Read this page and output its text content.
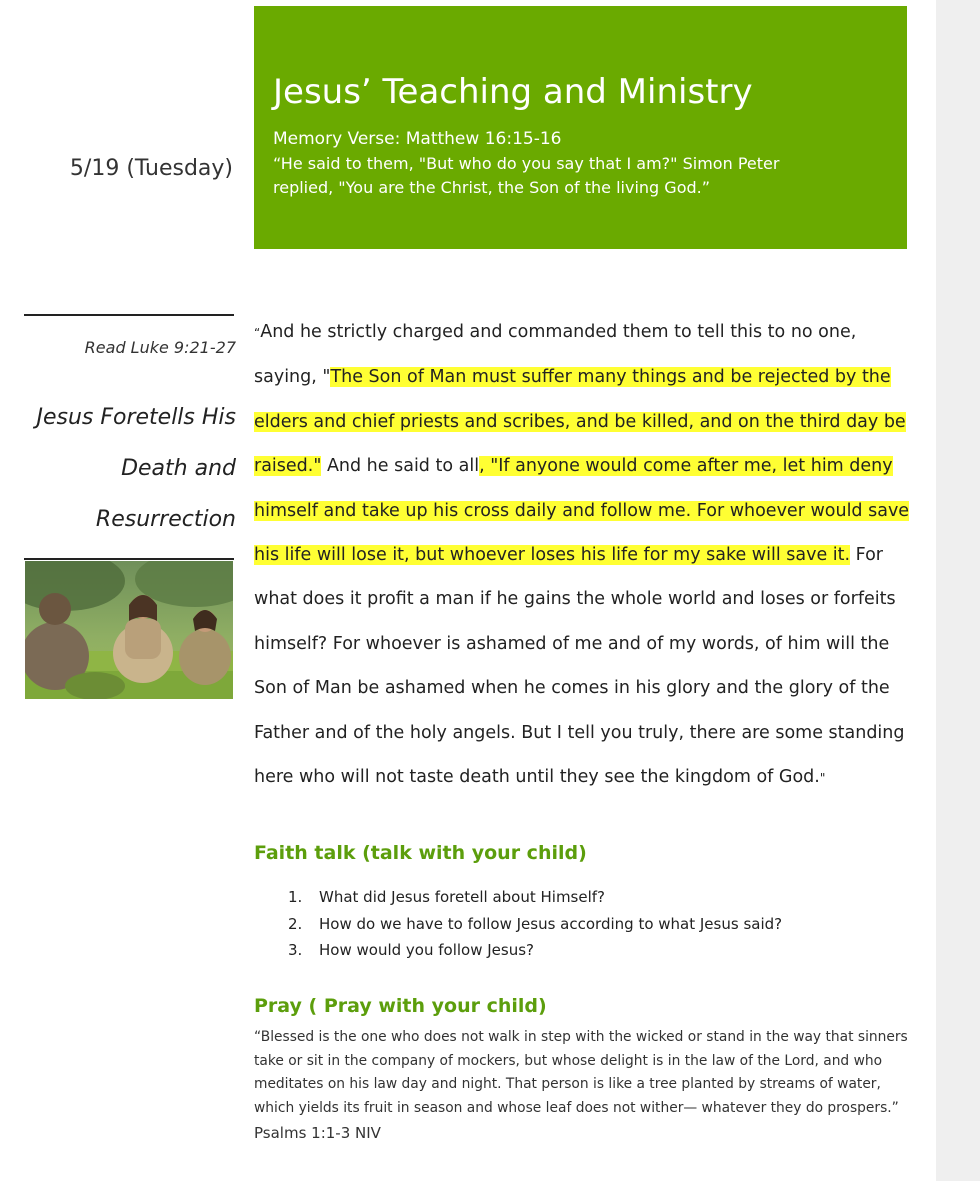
5/19 (Tuesday)
Jesus’ Teaching and Ministry
Memory Verse: Matthew 16:15-16
“He said to them, "But who do you say that I am?" Simon Peter
replied, "You are the Christ, the Son of the living God.”
Read Luke 9:21-27
Jesus Foretells His
Death and
Resurrection
“And he strictly charged and commanded them to tell this to no one, saying, "The Son of Man must suffer many things and be rejected by the elders and chief priests and scribes, and be killed, and on the third day be raised." And he said to all, "If anyone would come after me, let him deny himself and take up his cross daily and follow me. For whoever would save his life will lose it, but whoever loses his life for my sake will save it. For what does it profit a man if he gains the whole world and loses or forfeits himself? For whoever is ashamed of me and of my words, of him will the Son of Man be ashamed when he comes in his glory and the glory of the Father and of the holy angels. But I tell you truly, there are some standing here who will not taste death until they see the kingdom of God."
Faith talk (talk with your child)
1.	What did Jesus foretell about Himself?
2.	How do we have to follow Jesus according to what Jesus said?
3.	How would you follow Jesus?
Pray ( Pray with your child)
“Blessed is the one who does not walk in step with the wicked or stand in the way that sinners take or sit in the company of mockers, but whose delight is in the law of the Lord, and who meditates on his law day and night. That person is like a tree planted by streams of water, which yields its fruit in season and whose leaf does not wither— whatever they do prospers.”
Psalms 1:1-3 NIV
